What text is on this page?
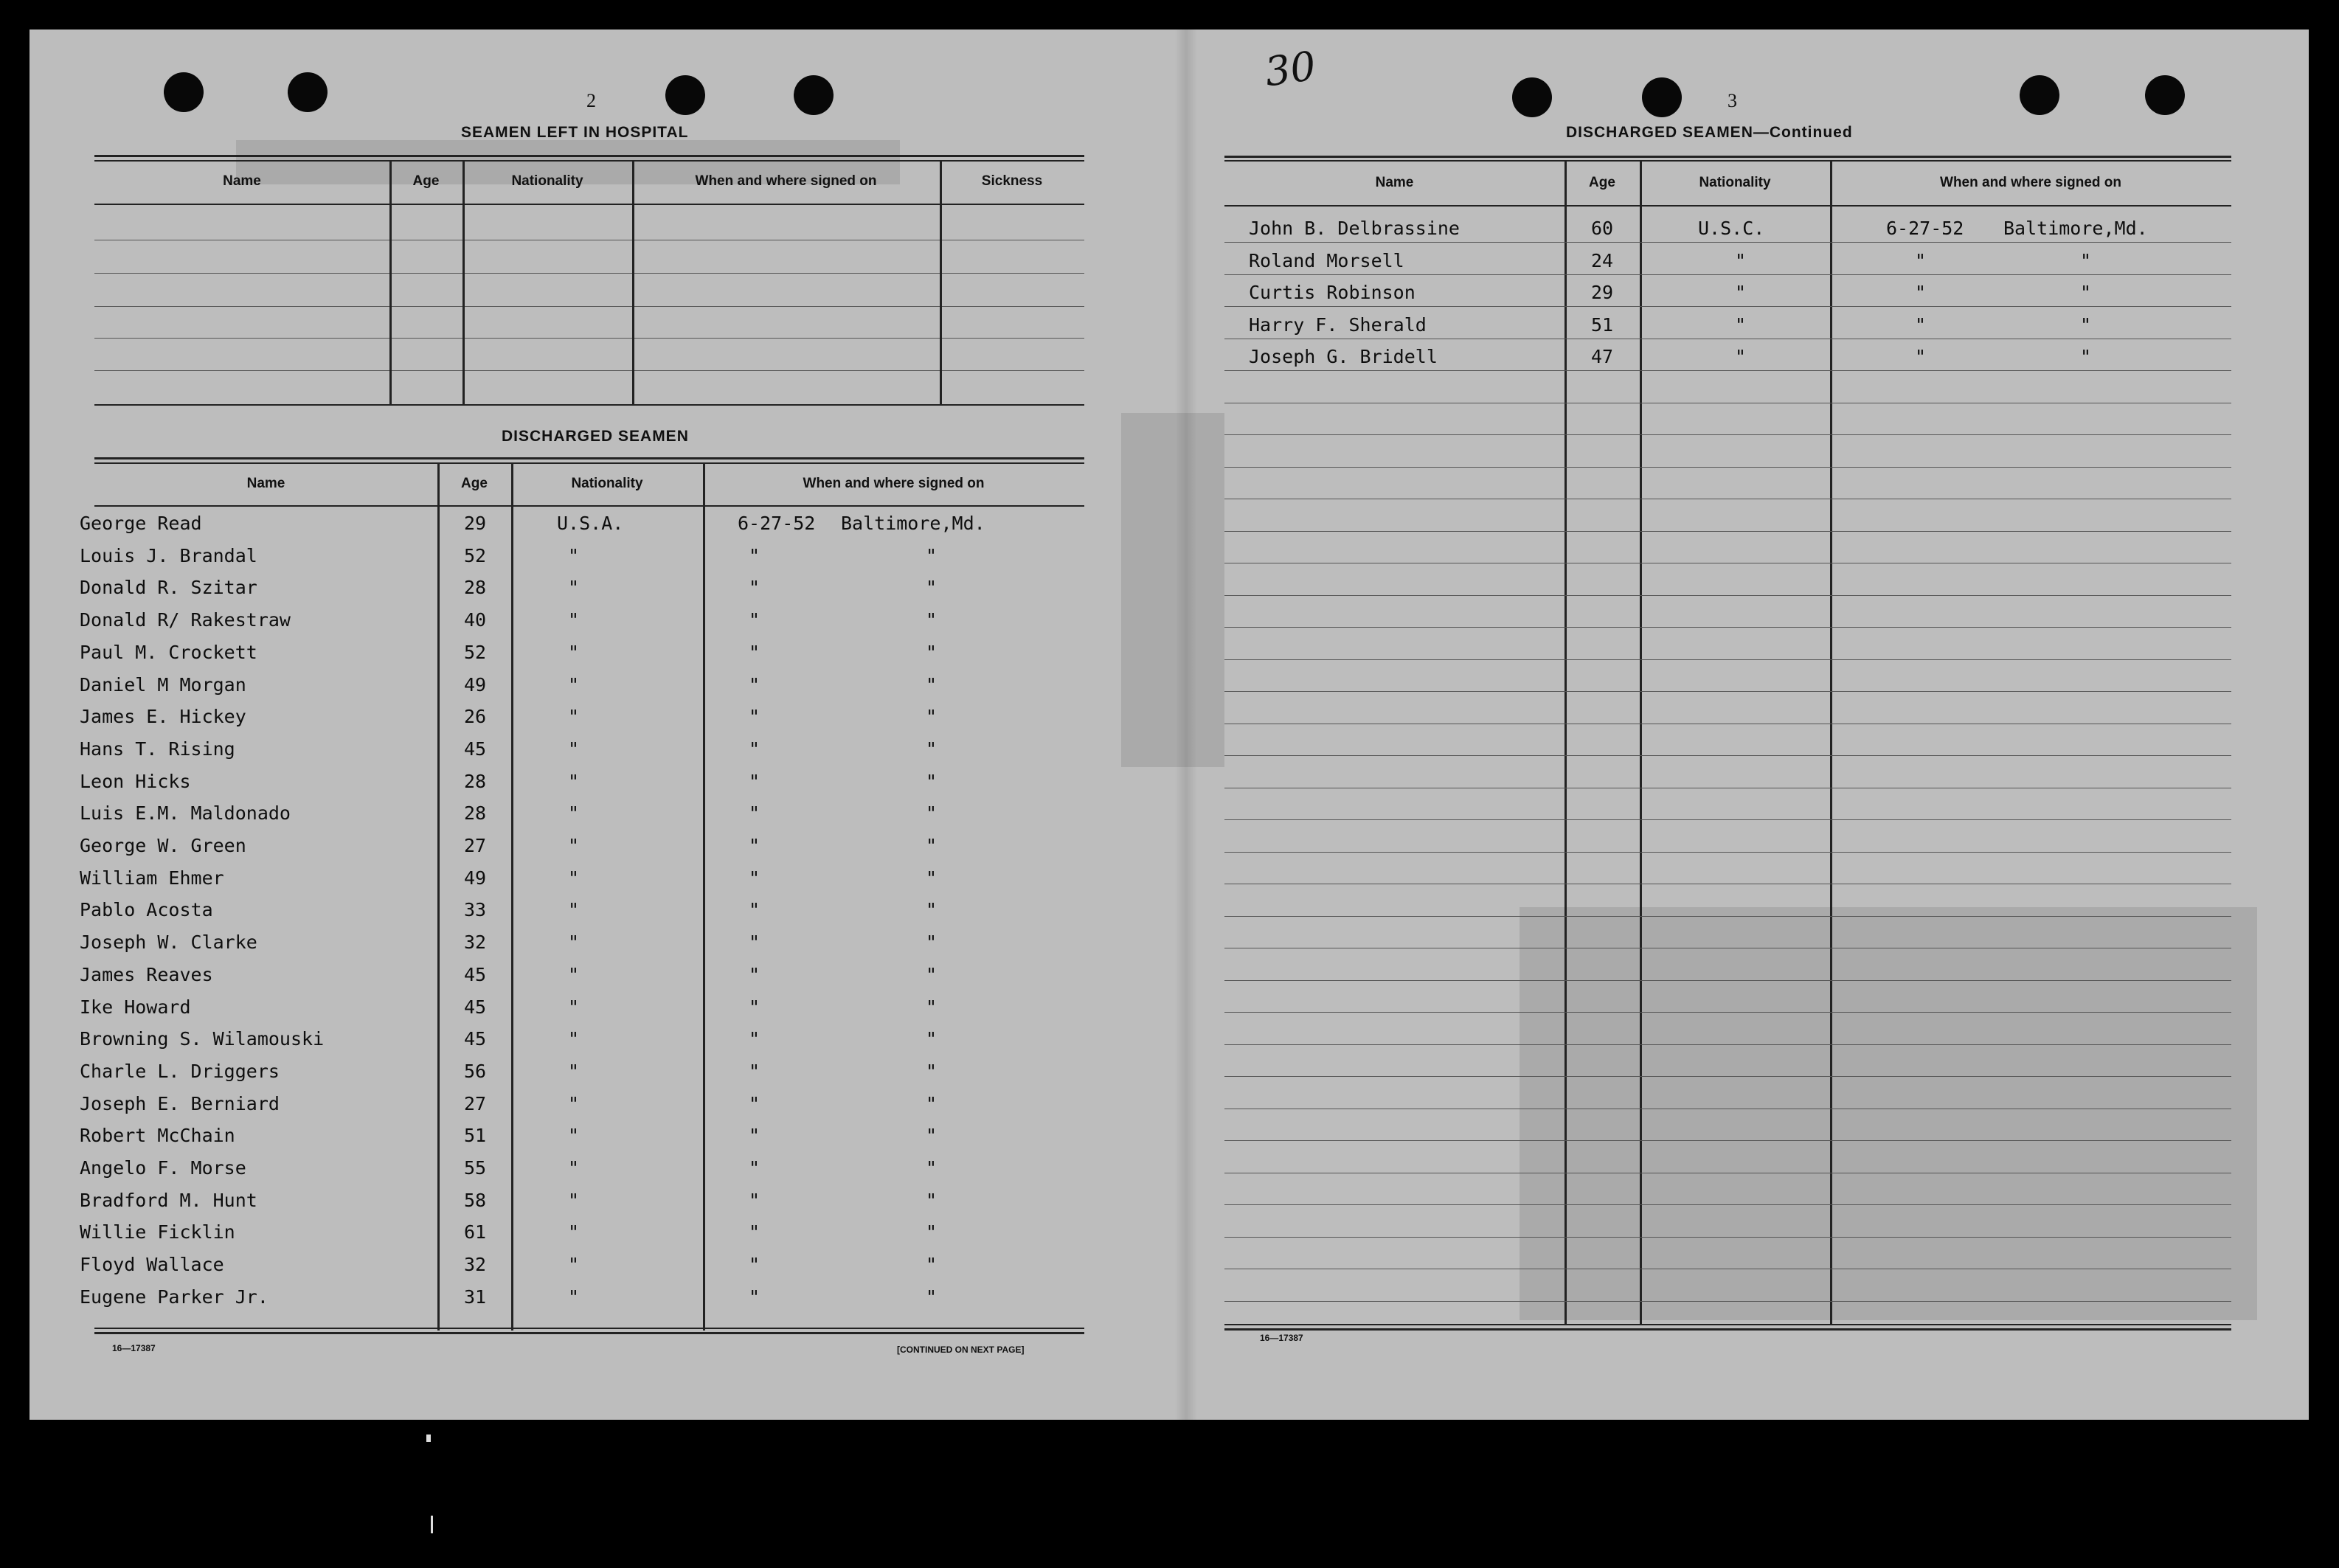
2
SEAMEN LEFT IN HOSPITAL
Name	Age	Nationality	When and where signed on	Sickness
DISCHARGED SEAMEN
Name	Age	Nationality	When and where signed on
George Read	29	U.S.A.	6-27-52 Baltimore,Md.
Louis J. Brandal	52	"	"	"
Donald R. Szitar	28	"	"	"
Donald R/ Rakestraw	40	"	"	"
Paul M. Crockett	52	"	"	"
Daniel M Morgan	49	"	"	"
James E. Hickey	26	"	"	"
Hans T. Rising	45	"	"	"
Leon Hicks	28	"	"	"
Luis E.M. Maldonado	28	"	"	"
George W. Green	27	"	"	"
William Ehmer	49	"	"	"
Pablo Acosta	33	"	"	"
Joseph W. Clarke	32	"	"	"
James Reaves	45	"	"	"
Ike Howard	45	"	"	"
Browning S. Wilamouski	45	"	"	"
Charle L. Driggers	56	"	"	"
Joseph E. Berniard	27	"	"	"
Robert McChain	51	"	"	"
Angelo F. Morse	55	"	"	"
Bradford M. Hunt	58	"	"	"
Willie Ficklin	61	"	"	"
Floyd Wallace	32	"	"	"
Eugene Parker Jr.	31	"	"	"
16—17387	[CONTINUED ON NEXT PAGE]
30
3
DISCHARGED SEAMEN—Continued
Name	Age	Nationality	When and where signed on
John B. Delbrassine	60	U.S.C.	6-27-52 Baltimore,Md.
Roland Morsell	24	"	"	"
Curtis Robinson	29	"	"	"
Harry F. Sherald	51	"	"	"
Joseph G. Bridell	47	"	"	"
16—17387
